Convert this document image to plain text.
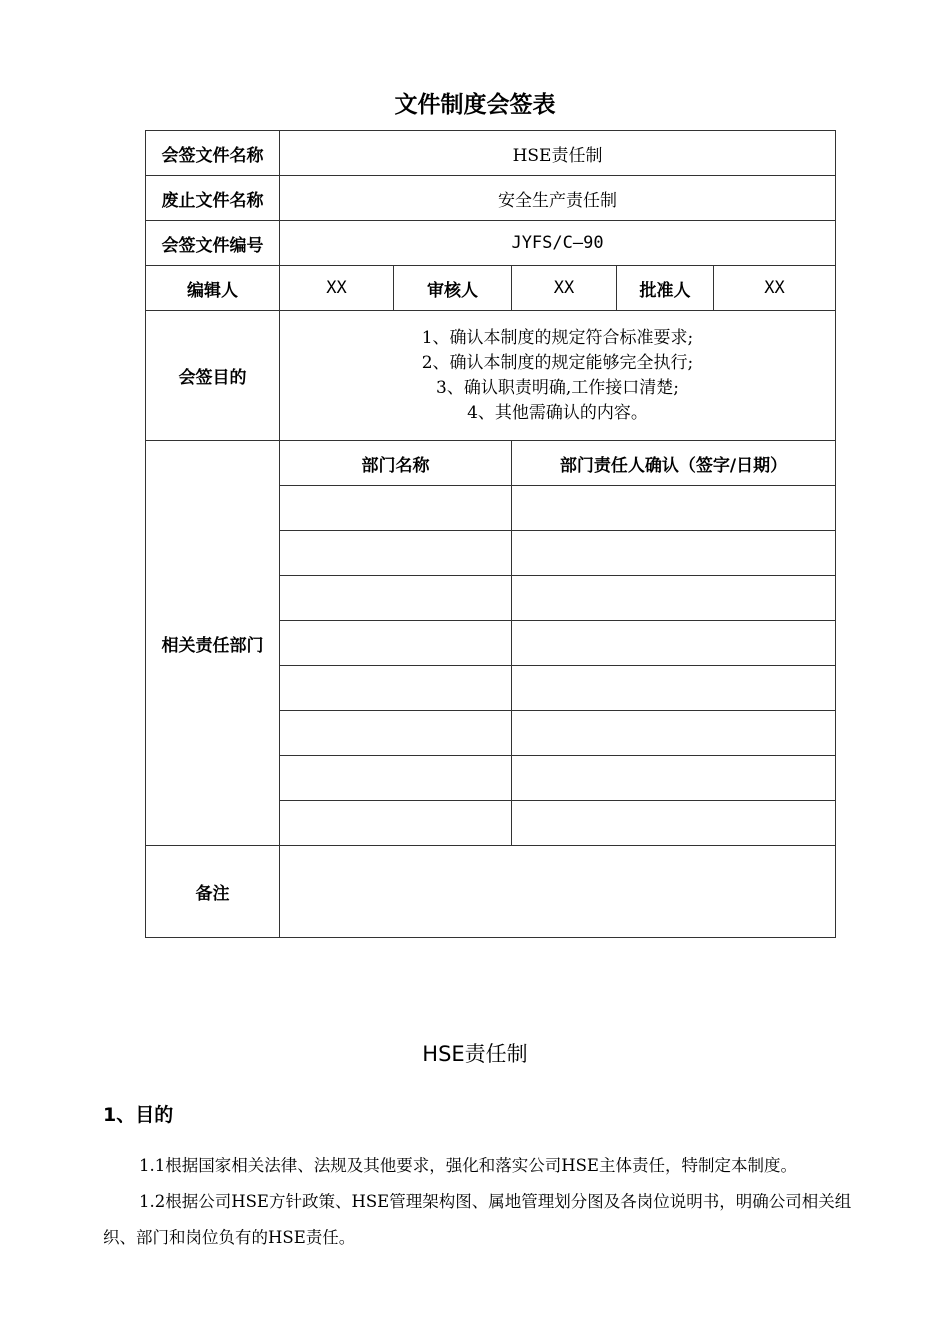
文件制度会签表
会签文件名称	HSE责任制				
废止文件名称	安全生产责任制				
会签文件编号	JYFS/C—90				
编辑人	XX	审核人	XX	批准人	XX
会签目的	1、确认本制度的规定符合标准要求;
2、确认本制度的规定能够完全执行;
3、确认职责明确,工作接口清楚;
4、其他需确认的内容。				

相关责任部门	部门名称		部门责任人确认（签字/日期）		

备注					
HSE责任制
1、目的
1.1根据国家相关法律、法规及其他要求，强化和落实公司HSE主体责任，特制定本制度。
1.2根据公司HSE方针政策、HSE管理架构图、属地管理划分图及各岗位说明书，明确公司相关组织、部门和岗位负有的HSE责任。
